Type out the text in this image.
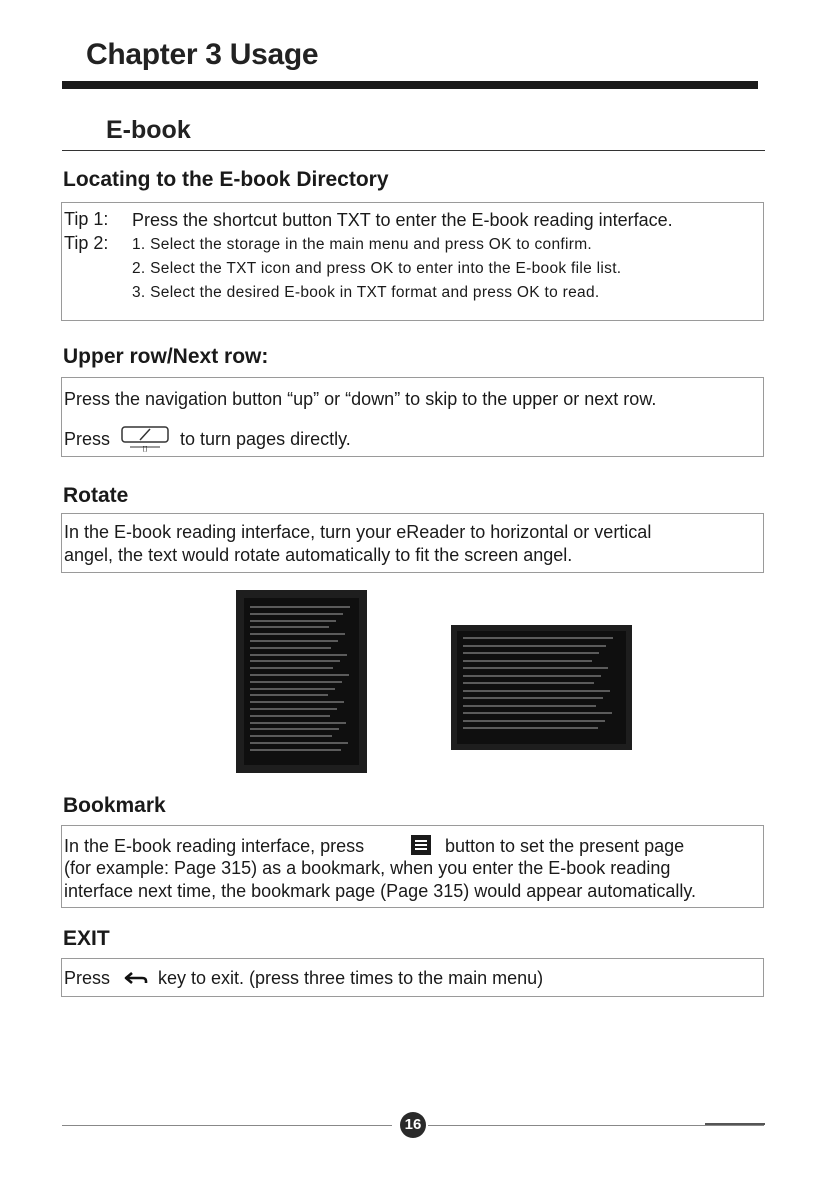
Chapter 3 Usage
E-book
Locating to the E-book Directory
Tip 1: Press the shortcut button TXT to enter the E-book reading interface.
Tip 2: 1. Select the storage in the main menu and press OK to confirm.
2. Select the TXT icon and press OK to enter into the E-book file list.
3. Select the desired E-book in TXT format and press OK to read.
Upper row/Next row:
Press the navigation button “up” or “down” to skip to the upper or next row.
Press
[]
to turn pages directly.
Rotate
In the E-book reading interface, turn your eReader to horizontal or vertical
angel, the text would rotate automatically to fit the screen angel.
Bookmark
In the E-book reading interface, press	button to set the present page
(for example: Page 315) as a bookmark, when you enter the E-book reading
interface next time, the bookmark page (Page 315) would appear automatically.
EXIT
Press	key to exit. (press three times to the main menu)
16
